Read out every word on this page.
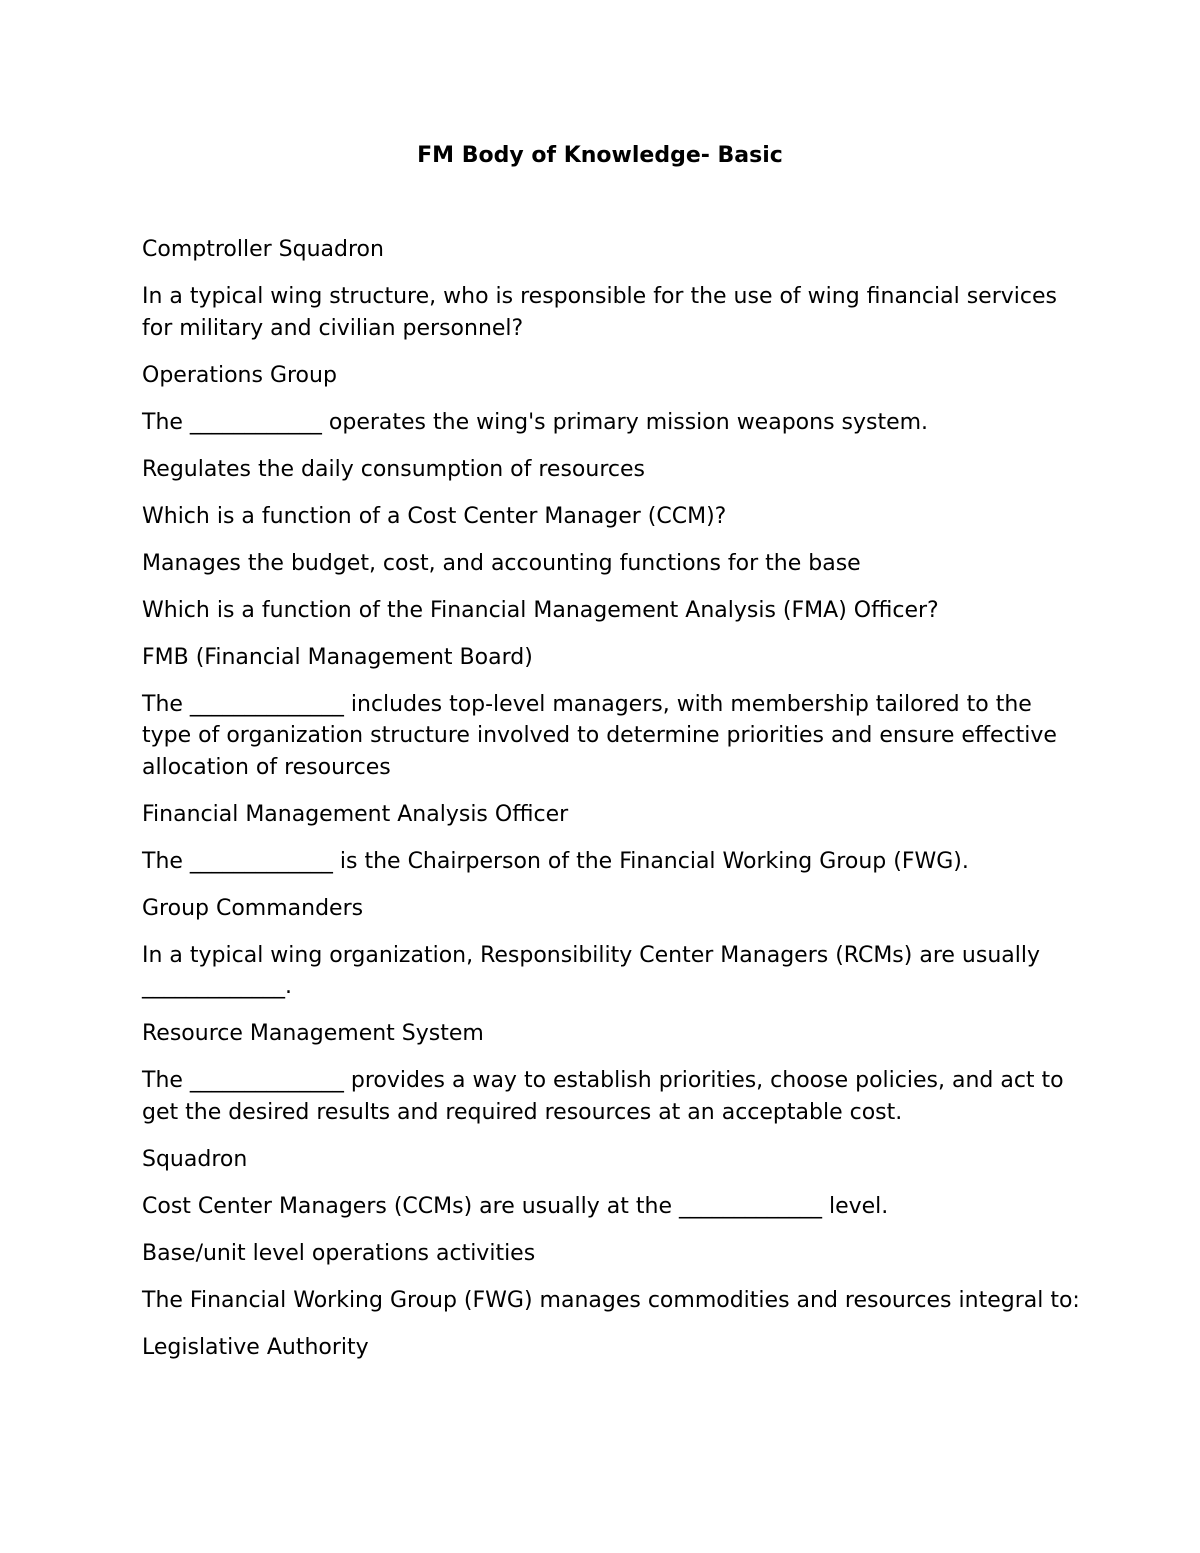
FM Body of Knowledge- Basic

Comptroller Squadron

In a typical wing structure, who is responsible for the use of wing financial services for military and civilian personnel?

Operations Group

The ____________ operates the wing's primary mission weapons system.

Regulates the daily consumption of resources

Which is a function of a Cost Center Manager (CCM)?

Manages the budget, cost, and accounting functions for the base

Which is a function of the Financial Management Analysis (FMA) Officer?

FMB (Financial Management Board)

The ______________ includes top-level managers, with membership tailored to the type of organization structure involved to determine priorities and ensure effective allocation of resources

Financial Management Analysis Officer

The _____________ is the Chairperson of the Financial Working Group (FWG).

Group Commanders

In a typical wing organization, Responsibility Center Managers (RCMs) are usually _____________.

Resource Management System

The ______________ provides a way to establish priorities, choose policies, and act to get the desired results and required resources at an acceptable cost.

Squadron

Cost Center Managers (CCMs) are usually at the _____________ level.

Base/unit level operations activities

The Financial Working Group (FWG) manages commodities and resources integral to:

Legislative Authority
